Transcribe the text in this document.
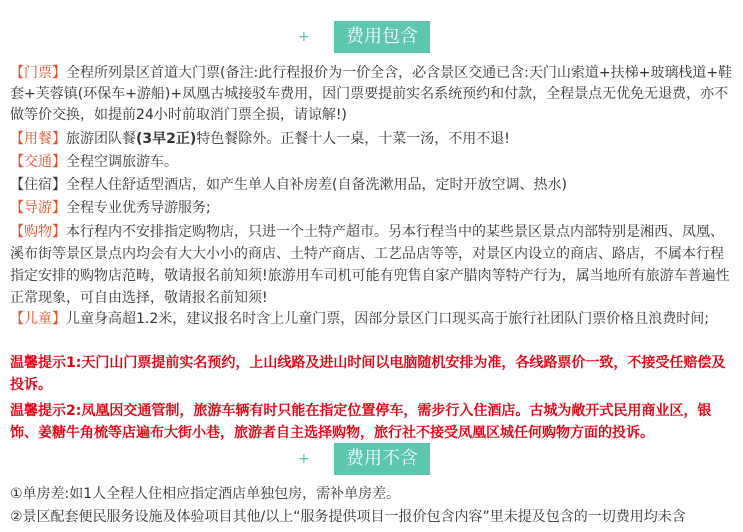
+	费用包含

【门票】全程所列景区首道大门票(备注:此行程报价为一价全含，必含景区交通已含:天门山索道+扶梯+玻璃栈道+鞋套+芙蓉镇(环保车+游船)+凤凰古城接驳车费用，因门票要提前实名系统预约和付款，全程景点无优免无退费，亦不做等价交换，如提前24小时前取消门票全损，请谅解!)

【用餐】旅游团队餐(3早2正)特色餐除外。正餐十人一桌，十菜一汤，不用不退!

【交通】全程空调旅游车。

【住宿】全程人住舒适型酒店，如产生单人自补房差(自备洗漱用品，定时开放空调、热水)

【导游】全程专业优秀导游服务;

【购物】本行程内不安排指定购物店，只进一个土特产超市。另本行程当中的某些景区景点内部特别是湘西、凤凰、溪布街等景区景点内均会有大大小小的商店、土特产商店、工艺品店等等，对景区内设立的商店、路店，不属本行程指定安排的购物店范畴，敬请报名前知须!旅游用车司机可能有兜售自家产腊肉等特产行为，属当地所有旅游车普遍性正常现象，可自由选择，敬请报名前知须!

【儿童】儿童身高超1.2米，建议报名时含上儿童门票，因部分景区门口现买高于旅行社团队门票价格且浪费时间;

温馨提示1:天门山门票提前实名预约，上山线路及进山时间以电脑随机安排为准，各线路票价一致，不接受任赔偿及投诉。

温馨提示2:凤凰因交通管制，旅游车辆有时只能在指定位置停车，需步行入住酒店。古城为敞开式民用商业区，银饰、姜糖牛角梳等店遍布大街小巷，旅游者自主选择购物，旅行社不接受凤凰区城任何购物方面的投诉。

+	费用不含

①单房差:如1人全程人住相应指定酒店单独包房，需补单房差。

②景区配套便民服务设施及体验项目其他/以上“服务提供项目一报价包含内容”里未提及包含的一切费用均未含
